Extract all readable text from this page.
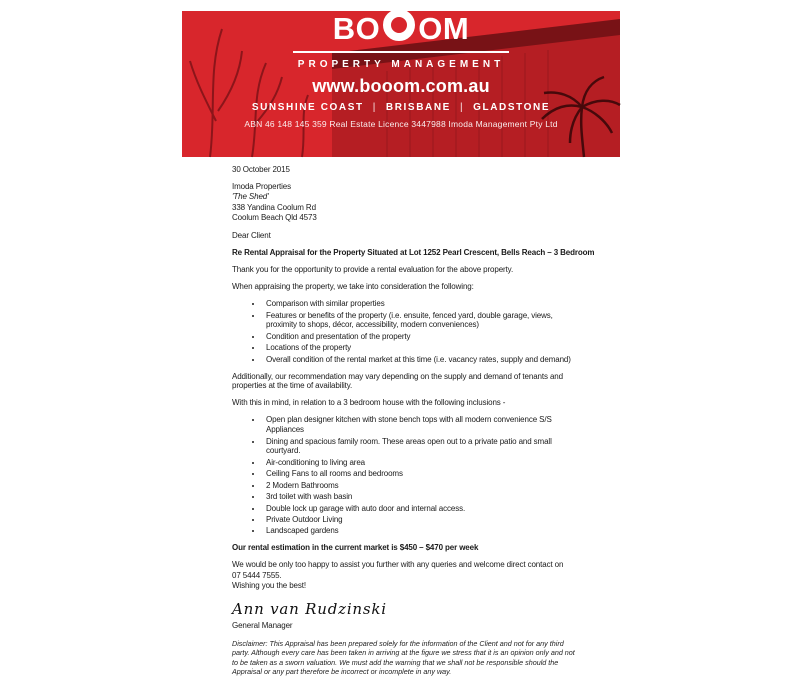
BO OM
PROPERTY MANAGEMENT
www.booom.com.au
SUNSHINE COAST | BRISBANE | GLADSTONE
ABN 46 148 145 359 Real Estate Licence 3447988 Imoda Management Pty Ltd

30 October 2015

Imoda Properties
'The Shed'
338 Yandina Coolum Rd
Coolum Beach Qld 4573

Dear Client

Re Rental Appraisal for the Property Situated at Lot 1252 Pearl Crescent, Bells Reach – 3 Bedroom

Thank you for the opportunity to provide a rental evaluation for the above property.

When appraising the property, we take into consideration the following:

• Comparison with similar properties
• Features or benefits of the property (i.e. ensuite, fenced yard, double garage, views, proximity to shops, décor, accessibility, modern conveniences)
• Condition and presentation of the property
• Locations of the property
• Overall condition of the rental market at this time (i.e. vacancy rates, supply and demand)

Additionally, our recommendation may vary depending on the supply and demand of tenants and properties at the time of availability.

With this in mind, in relation to a 3 bedroom house with the following inclusions -

• Open plan designer kitchen with stone bench tops with all modern convenience S/S Appliances
• Dining and spacious family room. These areas open out to a private patio and small courtyard.
• Air-conditioning to living area
• Ceiling Fans to all rooms and bedrooms
• 2 Modern Bathrooms
• 3rd toilet with wash basin
• Double lock up garage with auto door and internal access.
• Private Outdoor Living
• Landscaped gardens

Our rental estimation in the current market is $450 – $470 per week

We would be only too happy to assist you further with any queries and welcome direct contact on
07 5444 7555.
Wishing you the best!
Ann van Rudzinski
General Manager
Disclaimer: This Appraisal has been prepared solely for the information of the Client and not for any third party. Although every care has been taken in arriving at the figure we stress that it is an opinion only and not to be taken as a sworn valuation. We must add the warning that we shall not be responsible should the Appraisal or any part therefore be incorrect or incomplete in any way.
